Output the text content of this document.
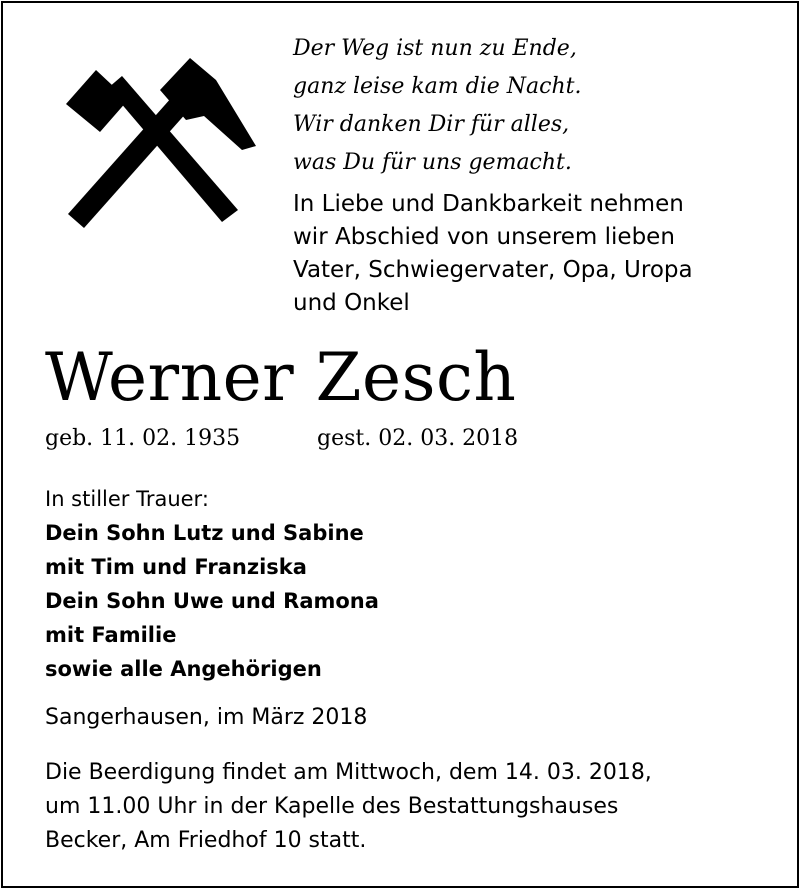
Der Weg ist nun zu Ende,
ganz leise kam die Nacht.
Wir danken Dir für alles,
was Du für uns gemacht.
In Liebe und Dankbarkeit nehmen
wir Abschied von unserem lieben
Vater, Schwiegervater, Opa, Uropa
und Onkel
Werner Zesch
geb. 11. 02. 1935	gest. 02. 03. 2018
In stiller Trauer:
Dein Sohn Lutz und Sabine
mit Tim und Franziska
Dein Sohn Uwe und Ramona
mit Familie
sowie alle Angehörigen
Sangerhausen, im März 2018
Die Beerdigung findet am Mittwoch, dem 14. 03. 2018,
um 11.00 Uhr in der Kapelle des Bestattungshauses
Becker, Am Friedhof 10 statt.
